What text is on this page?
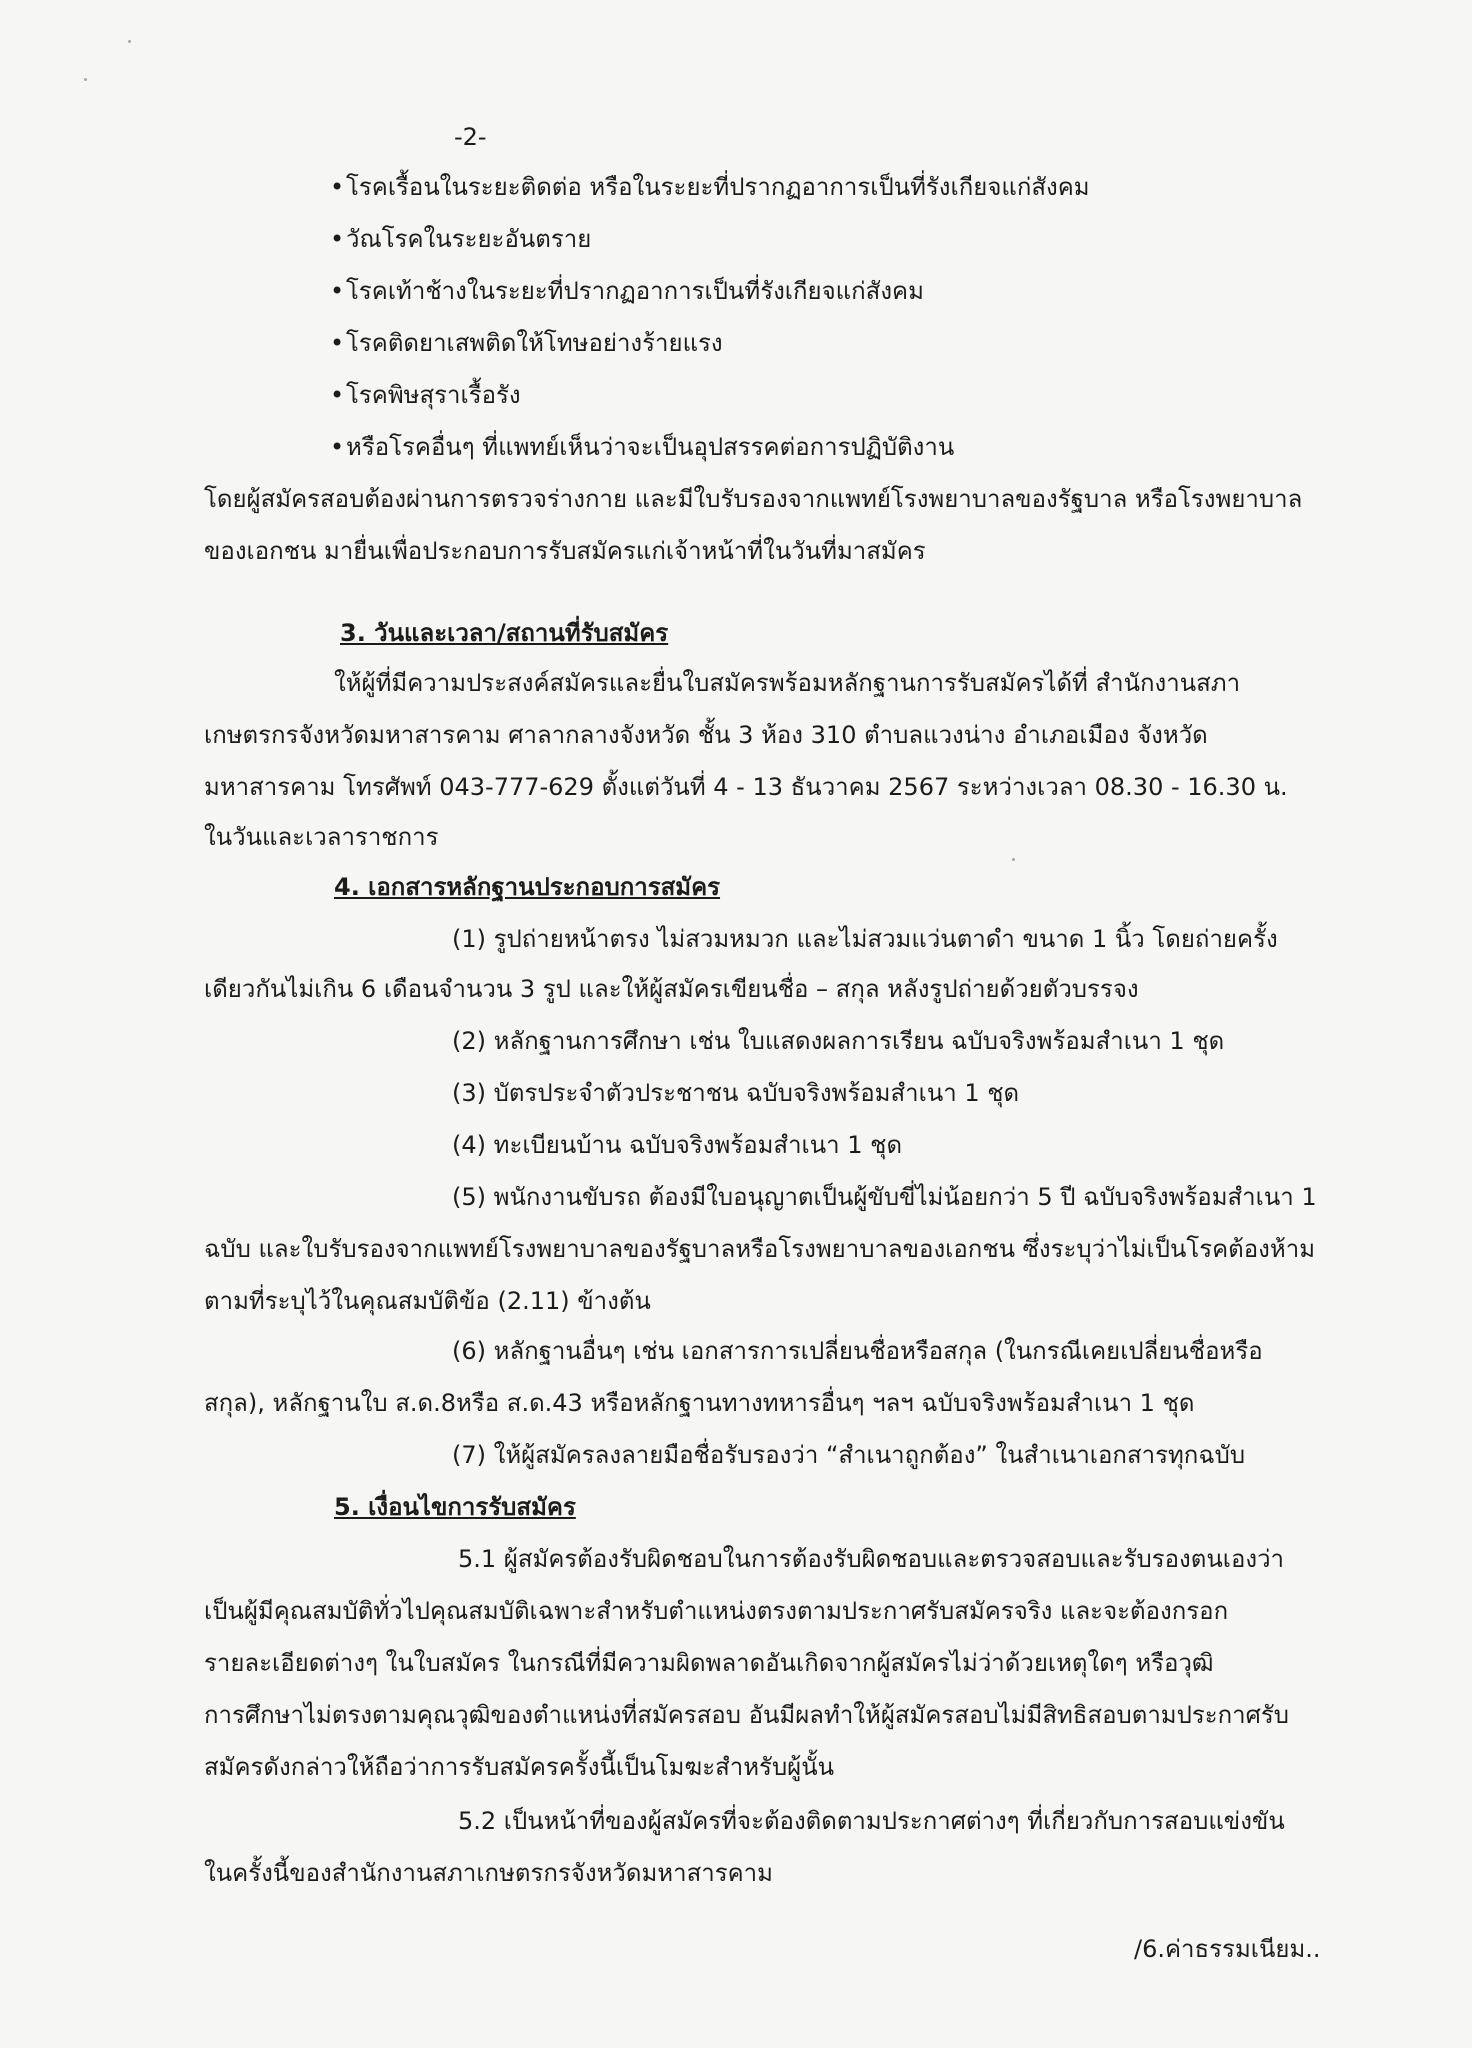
-2-
•โรคเรื้อนในระยะติดต่อ หรือในระยะที่ปรากฏอาการเป็นที่รังเกียจแก่สังคม
•วัณโรคในระยะอันตราย
•โรคเท้าช้างในระยะที่ปรากฏอาการเป็นที่รังเกียจแก่สังคม
•โรคติดยาเสพติดให้โทษอย่างร้ายแรง
•โรคพิษสุราเรื้อรัง
•หรือโรคอื่นๆ ที่แพทย์เห็นว่าจะเป็นอุปสรรคต่อการปฏิบัติงาน
โดยผู้สมัครสอบต้องผ่านการตรวจร่างกาย และมีใบรับรองจากแพทย์โรงพยาบาลของรัฐบาล หรือโรงพยาบาล
ของเอกชน มายื่นเพื่อประกอบการรับสมัครแก่เจ้าหน้าที่ในวันที่มาสมัคร
3. วันและเวลา/สถานที่รับสมัคร
ให้ผู้ที่มีความประสงค์สมัครและยื่นใบสมัครพร้อมหลักฐานการรับสมัครได้ที่ สำนักงานสภา
เกษตรกรจังหวัดมหาสารคาม ศาลากลางจังหวัด ชั้น 3 ห้อง 310 ตำบลแวงน่าง อำเภอเมือง จังหวัด
มหาสารคาม โทรศัพท์ 043-777-629 ตั้งแต่วันที่ 4 - 13 ธันวาคม 2567 ระหว่างเวลา 08.30 - 16.30 น.
ในวันและเวลาราชการ
4. เอกสารหลักฐานประกอบการสมัคร
(1) รูปถ่ายหน้าตรง ไม่สวมหมวก และไม่สวมแว่นตาดำ ขนาด 1 นิ้ว โดยถ่ายครั้ง
เดียวกันไม่เกิน 6 เดือนจำนวน 3 รูป และให้ผู้สมัครเขียนชื่อ – สกุล หลังรูปถ่ายด้วยตัวบรรจง
(2) หลักฐานการศึกษา เช่น ใบแสดงผลการเรียน ฉบับจริงพร้อมสำเนา 1 ชุด
(3) บัตรประจำตัวประชาชน ฉบับจริงพร้อมสำเนา 1 ชุด
(4) ทะเบียนบ้าน ฉบับจริงพร้อมสำเนา 1 ชุด
(5) พนักงานขับรถ ต้องมีใบอนุญาตเป็นผู้ขับขี่ไม่น้อยกว่า 5 ปี ฉบับจริงพร้อมสำเนา 1
ฉบับ และใบรับรองจากแพทย์โรงพยาบาลของรัฐบาลหรือโรงพยาบาลของเอกชน ซึ่งระบุว่าไม่เป็นโรคต้องห้าม
ตามที่ระบุไว้ในคุณสมบัติข้อ (2.11) ข้างต้น
(6) หลักฐานอื่นๆ เช่น เอกสารการเปลี่ยนชื่อหรือสกุล (ในกรณีเคยเปลี่ยนชื่อหรือ
สกุล), หลักฐานใบ ส.ด.8หรือ ส.ด.43 หรือหลักฐานทางทหารอื่นๆ ฯลฯ ฉบับจริงพร้อมสำเนา 1 ชุด
(7) ให้ผู้สมัครลงลายมือชื่อรับรองว่า “สำเนาถูกต้อง” ในสำเนาเอกสารทุกฉบับ
5. เงื่อนไขการรับสมัคร
5.1 ผู้สมัครต้องรับผิดชอบในการต้องรับผิดชอบและตรวจสอบและรับรองตนเองว่า
เป็นผู้มีคุณสมบัติทั่วไปคุณสมบัติเฉพาะสำหรับตำแหน่งตรงตามประกาศรับสมัครจริง และจะต้องกรอก
รายละเอียดต่างๆ ในใบสมัคร ในกรณีที่มีความผิดพลาดอันเกิดจากผู้สมัครไม่ว่าด้วยเหตุใดๆ หรือวุฒิ
การศึกษาไม่ตรงตามคุณวุฒิของตำแหน่งที่สมัครสอบ อันมีผลทำให้ผู้สมัครสอบไม่มีสิทธิสอบตามประกาศรับ
สมัครดังกล่าวให้ถือว่าการรับสมัครครั้งนี้เป็นโมฆะสำหรับผู้นั้น
5.2 เป็นหน้าที่ของผู้สมัครที่จะต้องติดตามประกาศต่างๆ ที่เกี่ยวกับการสอบแข่งขัน
ในครั้งนี้ของสำนักงานสภาเกษตรกรจังหวัดมหาสารคาม
/6.ค่าธรรมเนียม..
